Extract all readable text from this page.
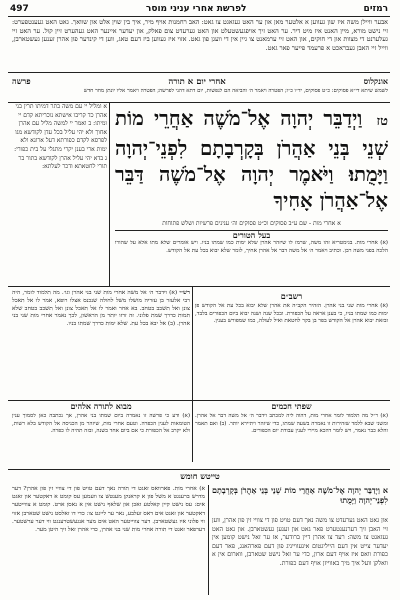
רמזים
לפרשת אחרי עניני מוסר
497
אבער וויילן משה איז שון געווען א אלטער מאן און ער האט געזאגט צו גאט: האב רחמנות אויף מיר, איך בין שוין אלט און שוואך. גאט האט געענטפערט: זיי נישט מורא, מיין האנט איז מיט דיר. ער האט זיך אויפגעשטעלט און האט גערעדט צום פאלק, און יעדער איינער האט געהערט זיין קול. ער האט זיי געלערנט די מצוות און די חוקים, און האט זיי ערמאנט צו גיין אין די וועגן פון גאט. אזוי איז געווען ביז דעם טאג, ווען די קינדער פון אהרן זענען געשטארבן, ווייל זיי האבן געבראכט א פרעמד פייער פאר גאט.
אונקלוס
אחרי יום א תורה
פרשה
לשמש שיתא די״א פסוקים: כ״ט פסוקים, יד״ו כ״ו; הפטרה ויאמר ה׳ והביאה הם לנפשות, יום דתא דהני לפרשה; הפטרה ויאמר אליו יונתן מחר חדש
א ומליל יי עם משה בתר דמיתו תרין בני אהרן כד קריבו אישתא נוכריתא קדם יי ומיתו: ב ואמר יי למשה מליל עם אהרן אחוך ולא יהי עליל בכל עדן לקודשא מגו לפרסא לקדם כפורתא דעל ארונא ולא ימות ארי בענן יקרי מתגלי על בית כפורי: ג בדא יהי עליל אהרן לקודשא בתור בר תורי לחטאתא ודכר לעלתא:
טז וַיְדַבֵּר יְהוָה אֶל־מֹשֶׁה אַחֲרֵי מוֹת שְׁנֵי בְּנֵי אַהֲרֹן בְּקָרְבָתָם לִפְנֵי־יְהוָה וַיָּמֻתוּ׃ וַיֹּאמֶר יְהוָה אֶל־מֹשֶׁה דַּבֵּר אֶל־אַהֲרֹן אָחִיךָ
א אחרי מות - שם ע״ב פסוקים וכ״ט פסוקים וה׳ ענינים פרשיות ושלש פתוחות
בעל הטורים
(א) אחרי מות. בגימטריא זהו משה, שרמז לו שיזהר אהרן שלא ימות כמו שמתו בניו. ויש אומרים שלא מתו אלא על שהורו הלכה בפני משה רבן. וכתיב ויאמר ה׳ אל משה דבר אל אהרן אחיך, לומר שלא יבוא בכל עת אל הקודש.
רשב״ם
(א) אחרי מות שני בני אהרן. הזהיר הקב״ה את אהרן שלא יבוא בכל עת אל הקודש פן ימות כמו שמתו בניו, כי בענן אראה על הכפורת. ובכל שנה ושנה יבוא ביום הכפורים בלבד, ובזאת יבוא אהרן אל הקודש בפר בן בקר לחטאת ואיל לעולה, כמו שמפורש בענין.
רש״י (א) וידבר ה׳ אל משה אחרי מות שני בני אהרן וגו׳. מה תלמוד לומר, היה רבי אלעזר בן עזריה מושלו משל לחולה שנכנס אצלו רופא, אמר לו אל תאכל צונן ואל תשכב בטחב. בא אחר ואמר לו אל תאכל צונן ואל תשכב בטחב שלא תמות כדרך שמת פלוני. זה זרזו יותר מן הראשון, לכך נאמר אחרי מות שני בני אהרן. (ב) אל יבא בכל עת. שלא ימות כדרך שמתו בניו.
שפתי חכמים
(א) ר״ל מה תלמוד לומר אחרי מות, דהוה ליה למכתב וידבר ה׳ אל משה דבר אל אהרן. ומשני שבא ללמד שזהירות זו נאמרה בשעה שמתו, כדי שיזהר ויתיירא יותר. (ב) ואם תאמר והלא כבר נאמר, ויש לומר דהכא מיירי לענין עבודת יום הכפורים.
מבוא לתורה אלהים
(א) ודע כי פרשה זו נאמרה ביום שמתו בני אהרן, אך נכתבה כאן לסמוך ענין הטומאות לענין הכפרה. וטעם אחרי מות, שיזהר מן הכניסה אל הקודש בלא רשות, ולא יקרב אל הכפורת כי אם ביום אחד בשנה, ובזה תהיה לו כפרה.
טייטש חומש
א וַיְדַבֵּר יְהוָה אֶל־מֹשֶׁה אַחֲרֵי מוֹת שְׁנֵי בְּנֵי אַהֲרֹן בְּקָרְבָתָם לִפְנֵי־יְהוָה וַיָּמֻתוּ
און גאט האט גערעדט צו משה נאך דעם טויט פון די צוויי זין פון אהרן, ווען זיי האבן זיך דערנענטערט פאר גאט און זענען געשטארבן. און גאט האט געזאגט צו משה: רעד צו אהרן דיין ברודער, אז ער זאל נישט קומען אין יעדער צייט אין דעם הייליגטום אינעווייניג פון דעם פארהאנג, פאר דעם כפורת וואס איז אויף דעם ארון, כדי ער זאל נישט שטארבן, ווארום אין א וואלקן וועל איך מיך באווייזן אויף דעם כפורת.
א) אחרי מות. פארוואס זאגט די תורה נאך דעם טויט פון די צוויי זין פון אהרן? דער מדרש ברענגט א משל פון א קראנקן מענטש צו וועמען עס קומט א דאקטער און זאגט אים: עס נישט קיין קאלטע זאכן און שלאף נישט אין א נאסן ארט. קומט א צווייטער דאקטער און זאגט אים דאס זעלבע, נאר ער לייגט צו: כדי דו זאלסט נישט שטארבן אזוי ווי פלוני איז געשטארבן. דער צווייטער האט אים מער אנגעשטרענגט ווי דער ערשטער. דערפאר זאגט די תורה אחרי מות שני בני אהרן, כדי אהרן זאל זיך היטן מער.
